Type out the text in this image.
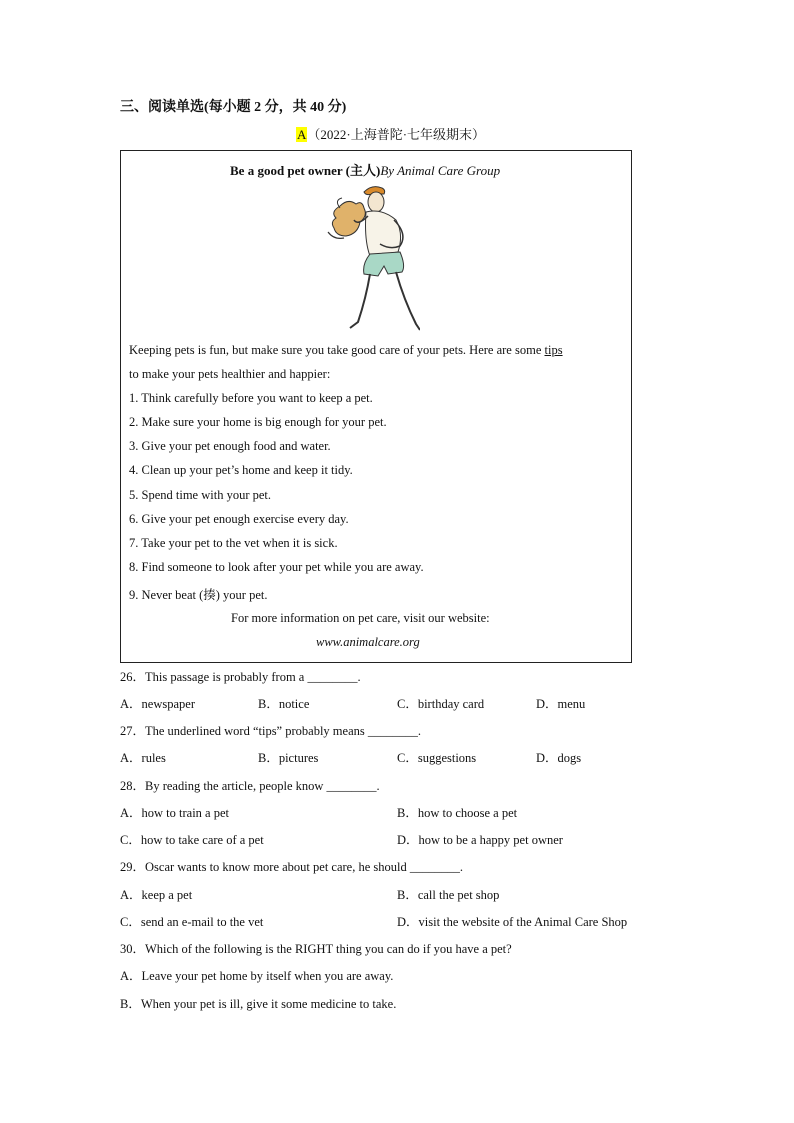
三、阅读单选(每小题 2 分，共 40 分)
A（2022·上海普陀·七年级期末）
Be a good pet owner (主人)By Animal Care Group
Keeping pets is fun, but make sure you take good care of your pets. Here are some tips
to make your pets healthier and happier:
1. Think carefully before you want to keep a pet.
2. Make sure your home is big enough for your pet.
3. Give your pet enough food and water.
4. Clean up your pet’s home and keep it tidy.
5. Spend time with your pet.
6. Give your pet enough exercise every day.
7. Take your pet to the vet when it is sick.
8. Find someone to look after your pet while you are away.
9. Never beat (揍) your pet.
For more information on pet care, visit our website:
www.animalcare.org
26．This passage is probably from a ________.
A．newspaper	B．notice	C．birthday card	D．menu
27．The underlined word “tips” probably means ________.
A．rules	B．pictures	C．suggestions	D．dogs
28．By reading the article, people know ________.
A．how to train a pet	B．how to choose a pet
C．how to take care of a pet	D．how to be a happy pet owner
29．Oscar wants to know more about pet care, he should ________.
A．keep a pet	B．call the pet shop
C．send an e-mail to the vet	D．visit the website of the Animal Care Shop
30．Which of the following is the RIGHT thing you can do if you have a pet?
A．Leave your pet home by itself when you are away.
B．When your pet is ill, give it some medicine to take.
